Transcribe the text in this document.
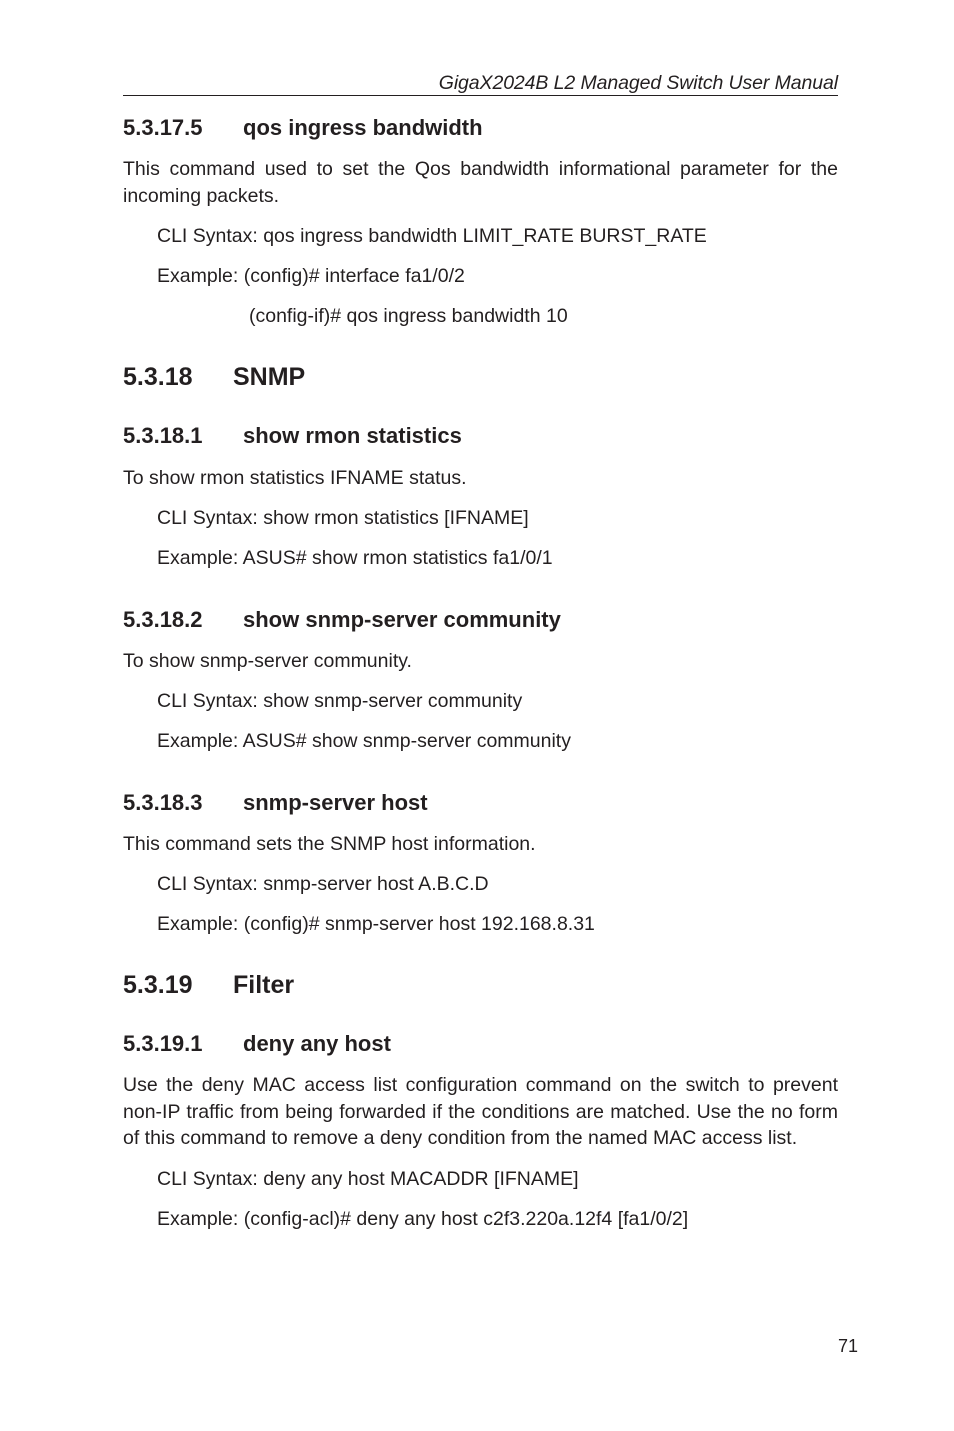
GigaX2024B L2 Managed Switch User Manual
5.3.17.5 qos ingress bandwidth

This command used to set the Qos bandwidth informational parameter for the incoming packets.

CLI Syntax: qos ingress bandwidth LIMIT_RATE BURST_RATE

Example: (config)# interface fa1/0/2

(config-if)# qos ingress bandwidth 10

5.3.18 SNMP
5.3.18.1 show rmon statistics

To show rmon statistics IFNAME status.

CLI Syntax: show rmon statistics [IFNAME]

Example: ASUS# show rmon statistics fa1/0/1

5.3.18.2 show snmp-server community

To show snmp-server community.

CLI Syntax: show snmp-server community

Example: ASUS# show snmp-server community

5.3.18.3 snmp-server host

This command sets the SNMP host information.

CLI Syntax: snmp-server host A.B.C.D

Example: (config)# snmp-server host 192.168.8.31

5.3.19 Filter
5.3.19.1 deny any host

Use the deny MAC access list configuration command on the switch to prevent non-IP traffic from being forwarded if the conditions are matched. Use the no form of this command to remove a deny condition from the named MAC access list.

CLI Syntax: deny any host MACADDR [IFNAME]

Example: (config-acl)# deny any host c2f3.220a.12f4 [fa1/0/2]

71
